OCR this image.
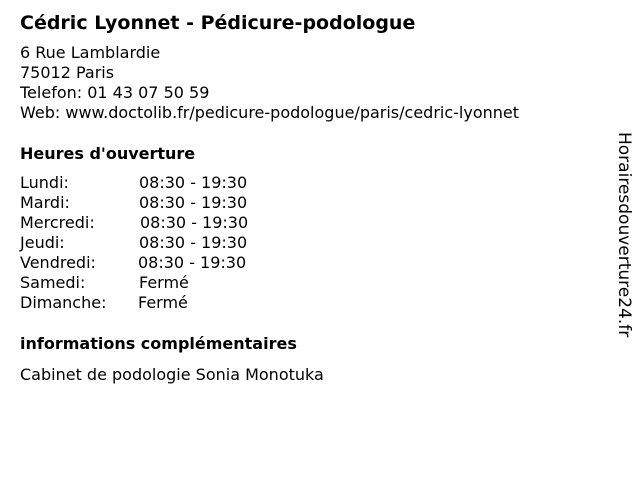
Cédric Lyonnet - Pédicure-podologue
6 Rue Lamblardie
75012 Paris
Telefon: 01 43 07 50 59
Web: www.doctolib.fr/pedicure-podologue/paris/cedric-lyonnet
Heures d'ouverture
Lundi:	08:30 - 19:30
Mardi:	08:30 - 19:30
Mercredi:	08:30 - 19:30
Jeudi:	08:30 - 19:30
Vendredi:	08:30 - 19:30
Samedi:	Fermé
Dimanche: Fermé
informations complémentaires
Cabinet de podologie Sonia Monotuka
Horairesdouverture24.fr
